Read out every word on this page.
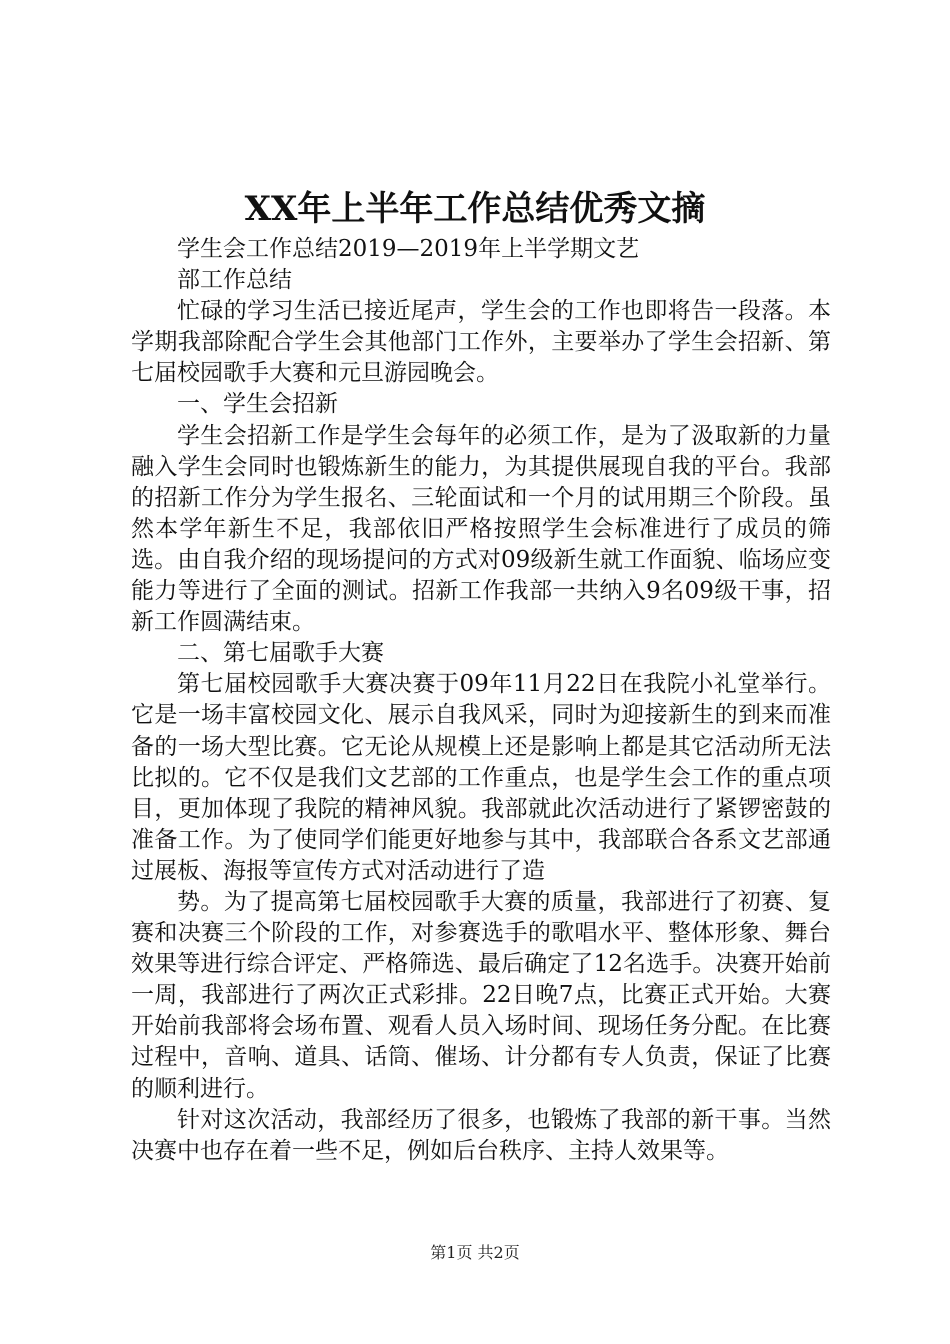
XX年上半年工作总结优秀文摘

学生会工作总结2019—2019年上半学期文艺

部工作总结

忙碌的学习生活已接近尾声，学生会的工作也即将告一段落。本学期我部除配合学生会其他部门工作外，主要举办了学生会招新、第七届校园歌手大赛和元旦游园晚会。

一、学生会招新

学生会招新工作是学生会每年的必须工作，是为了汲取新的力量融入学生会同时也锻炼新生的能力，为其提供展现自我的平台。我部的招新工作分为学生报名、三轮面试和一个月的试用期三个阶段。虽然本学年新生不足，我部依旧严格按照学生会标准进行了成员的筛选。由自我介绍的现场提问的方式对09级新生就工作面貌、临场应变能力等进行了全面的测试。招新工作我部一共纳入9名09级干事，招新工作圆满结束。

二、第七届歌手大赛

第七届校园歌手大赛决赛于09年11月22日在我院小礼堂举行。它是一场丰富校园文化、展示自我风采，同时为迎接新生的到来而准备的一场大型比赛。它无论从规模上还是影响上都是其它活动所无法比拟的。它不仅是我们文艺部的工作重点，也是学生会工作的重点项目，更加体现了我院的精神风貌。我部就此次活动进行了紧锣密鼓的准备工作。为了使同学们能更好地参与其中，我部联合各系文艺部通过展板、海报等宣传方式对活动进行了造

势。为了提高第七届校园歌手大赛的质量，我部进行了初赛、复赛和决赛三个阶段的工作，对参赛选手的歌唱水平、整体形象、舞台效果等进行综合评定、严格筛选、最后确定了12名选手。决赛开始前一周，我部进行了两次正式彩排。22日晚7点，比赛正式开始。大赛开始前我部将会场布置、观看人员入场时间、现场任务分配。在比赛过程中，音响、道具、话筒、催场、计分都有专人负责，保证了比赛的顺利进行。

针对这次活动，我部经历了很多，也锻炼了我部的新干事。当然决赛中也存在着一些不足，例如后台秩序、主持人效果等。

第1页 共2页
